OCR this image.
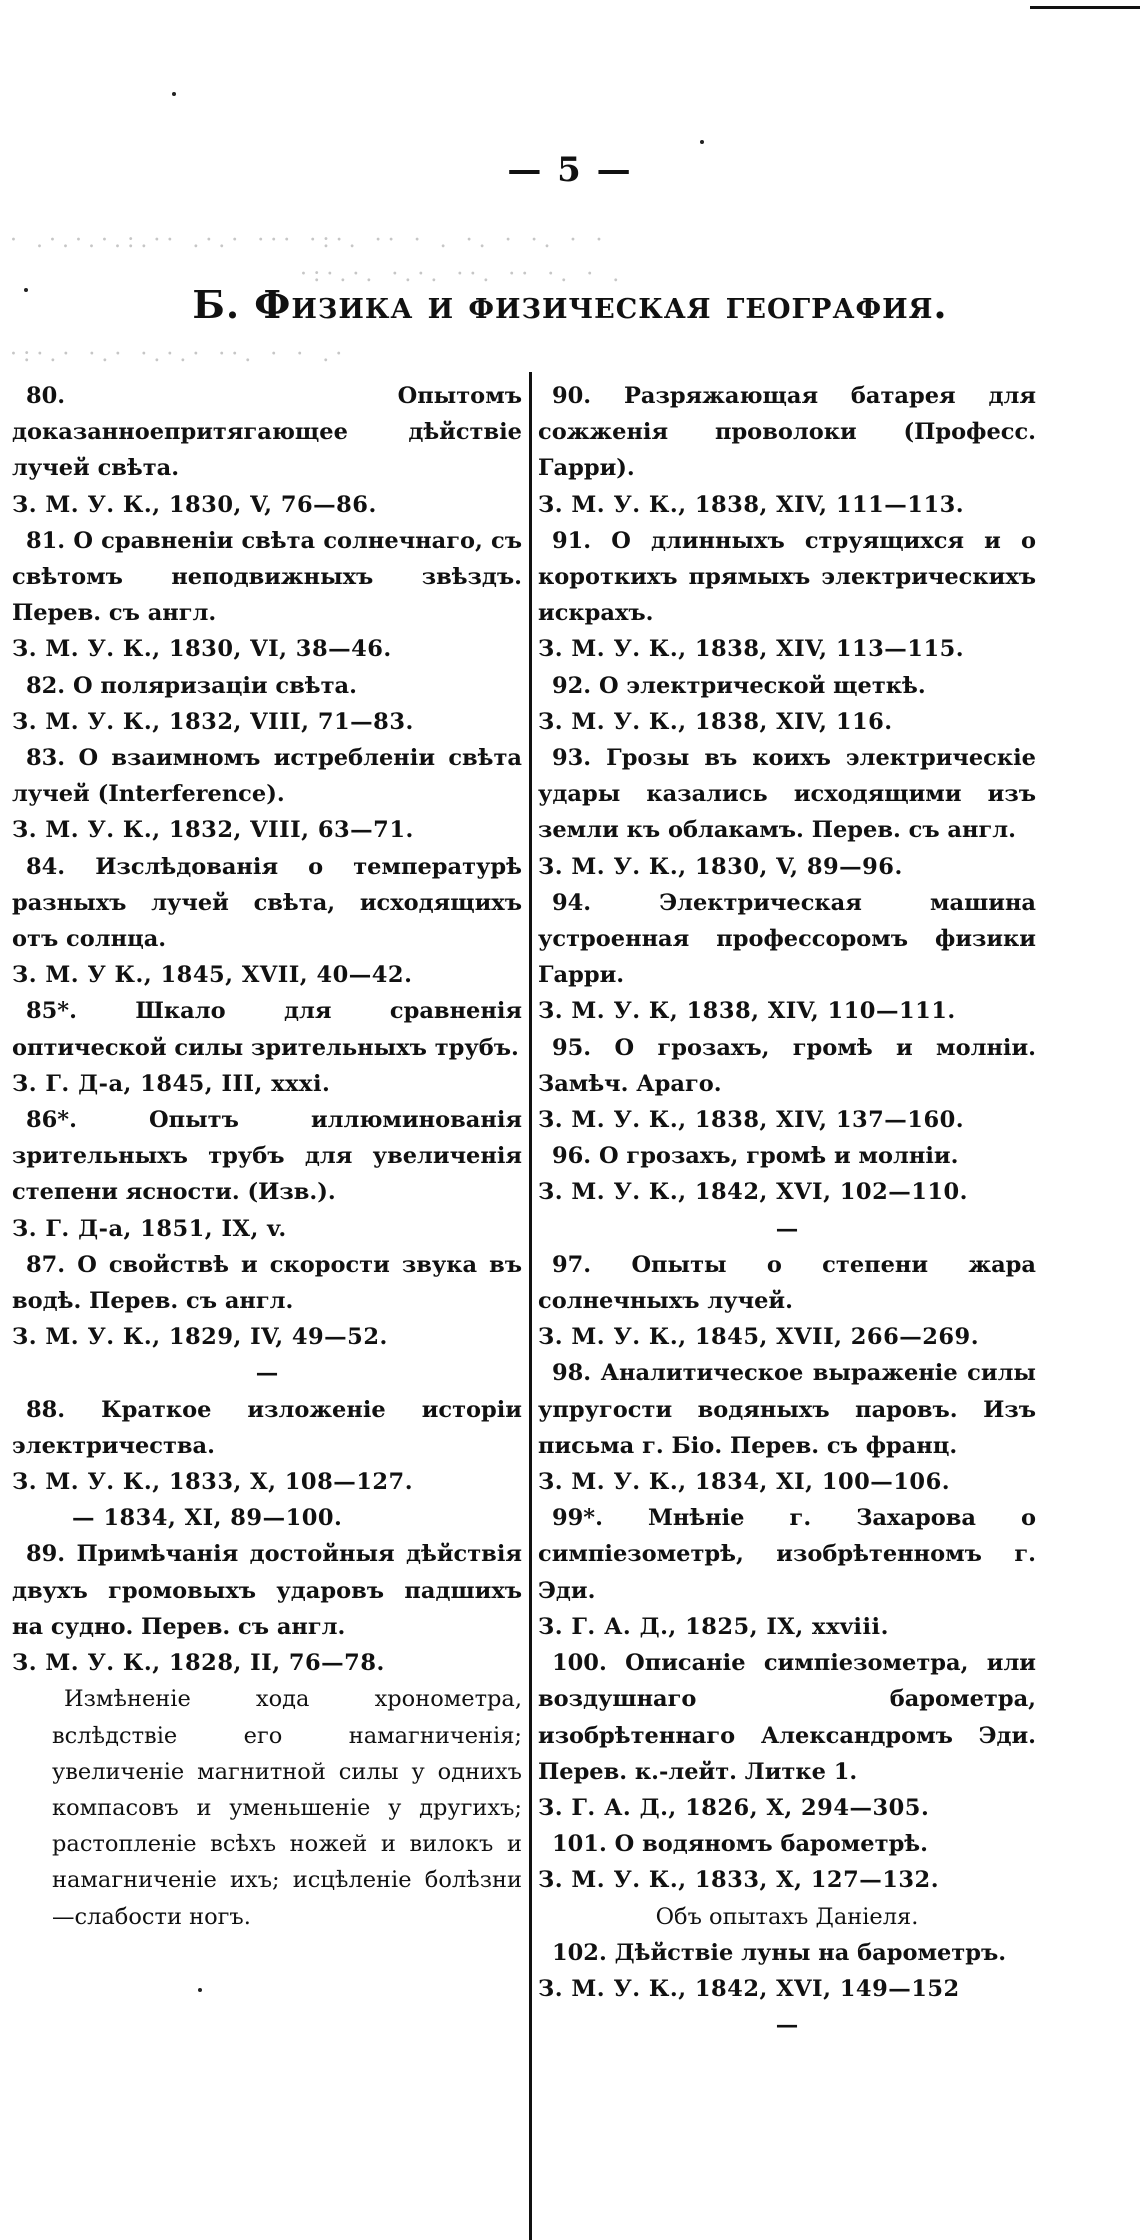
— 5 —
· .·.·.·.:.·· .·.· ··· ·:·. ·· · . ·. · ·. · ·
·:·.·. ·.·. ··. ·· ·. · .
·:·.· ·.· ·.·.· ··. · · .·
Б. Физика и физическая география.
80. Опытомъ доказанноепритягающее дѣйствіе лучей свѣта.
З. М. У. К., 1830, V, 76—86.
81. О сравненіи свѣта солнечнаго, съ свѣтомъ неподвижныхъ звѣздъ. Перев. съ англ.
З. М. У. К., 1830, VI, 38—46.
82. О поляризаціи свѣта.
З. М. У. К., 1832, VIII, 71—83.
83. О взаимномъ истребленіи свѣта лучей (Interference).
З. М. У. К., 1832, VIII, 63—71.
84. Изслѣдованія о температурѣ разныхъ лучей свѣта, исходящихъ отъ солнца.
З. М. У К., 1845, XVII, 40—42.
85*. Шкало для сравненія оптической силы зрительныхъ трубъ.
З. Г. Д-а, 1845, III, xxxi.
86*. Опытъ иллюминованія зрительныхъ трубъ для увеличенія степени ясности. (Изв.).
З. Г. Д-а, 1851, IX, v.
87. О свойствѣ и скорости звука въ водѣ. Перев. съ англ.
З. М. У. К., 1829, IV, 49—52.
—
88. Краткое изложеніе исторіи электричества.
З. М. У. К., 1833, X, 108—127.
— 1834, XI, 89—100.
89. Примѣчанія достойныя дѣйствія двухъ громовыхъ ударовъ падшихъ на судно. Перев. съ англ.
З. М. У. К., 1828, II, 76—78.
Измѣненіе хода хронометра, вслѣдствіе его намагниченія; увеличеніе магнитной силы у однихъ компасовъ и уменьшеніе у другихъ; растопленіе всѣхъ ножей и вилокъ и намагниченіе ихъ; исцѣленіе болѣзни—слабости ногъ.
90. Разряжающая батарея для сожженія проволоки (Професс. Гарри).
З. М. У. К., 1838, XIV, 111—113.
91. О длинныхъ струящихся и о короткихъ прямыхъ электрическихъ искрахъ.
З. М. У. К., 1838, XIV, 113—115.
92. О электрической щеткѣ.
З. М. У. К., 1838, XIV, 116.
93. Грозы въ коихъ электрическіе удары казались исходящими изъ земли къ облакамъ. Перев. съ англ.
З. М. У. К., 1830, V, 89—96.
94. Электрическая машина устроенная профессоромъ физики Гарри.
З. М. У. К, 1838, XIV, 110—111.
95. О грозахъ, громѣ и молніи. Замѣч. Араго.
З. М. У. К., 1838, XIV, 137—160.
96. О грозахъ, громѣ и молніи.
З. М. У. К., 1842, XVI, 102—110.
—
97. Опыты о степени жара солнечныхъ лучей.
З. М. У. К., 1845, XVII, 266—269.
98. Аналитическое выраженіе силы упругости водяныхъ паровъ. Изъ письма г. Біо. Перев. съ франц.
З. М. У. К., 1834, XI, 100—106.
99*. Мнѣніе г. Захарова о симпіезометрѣ, изобрѣтенномъ г. Эди.
З. Г. А. Д., 1825, IX, xxviii.
100. Описаніе симпіезометра, или воздушнаго барометра, изобрѣтеннаго Александромъ Эди. Перев. к.-лейт. Литке 1.
З. Г. А. Д., 1826, X, 294—305.
101. О водяномъ барометрѣ.
З. М. У. К., 1833, X, 127—132.
Объ опытахъ Даніеля.
102. Дѣйствіе луны на барометръ.
З. М. У. К., 1842, XVI, 149—152
—
